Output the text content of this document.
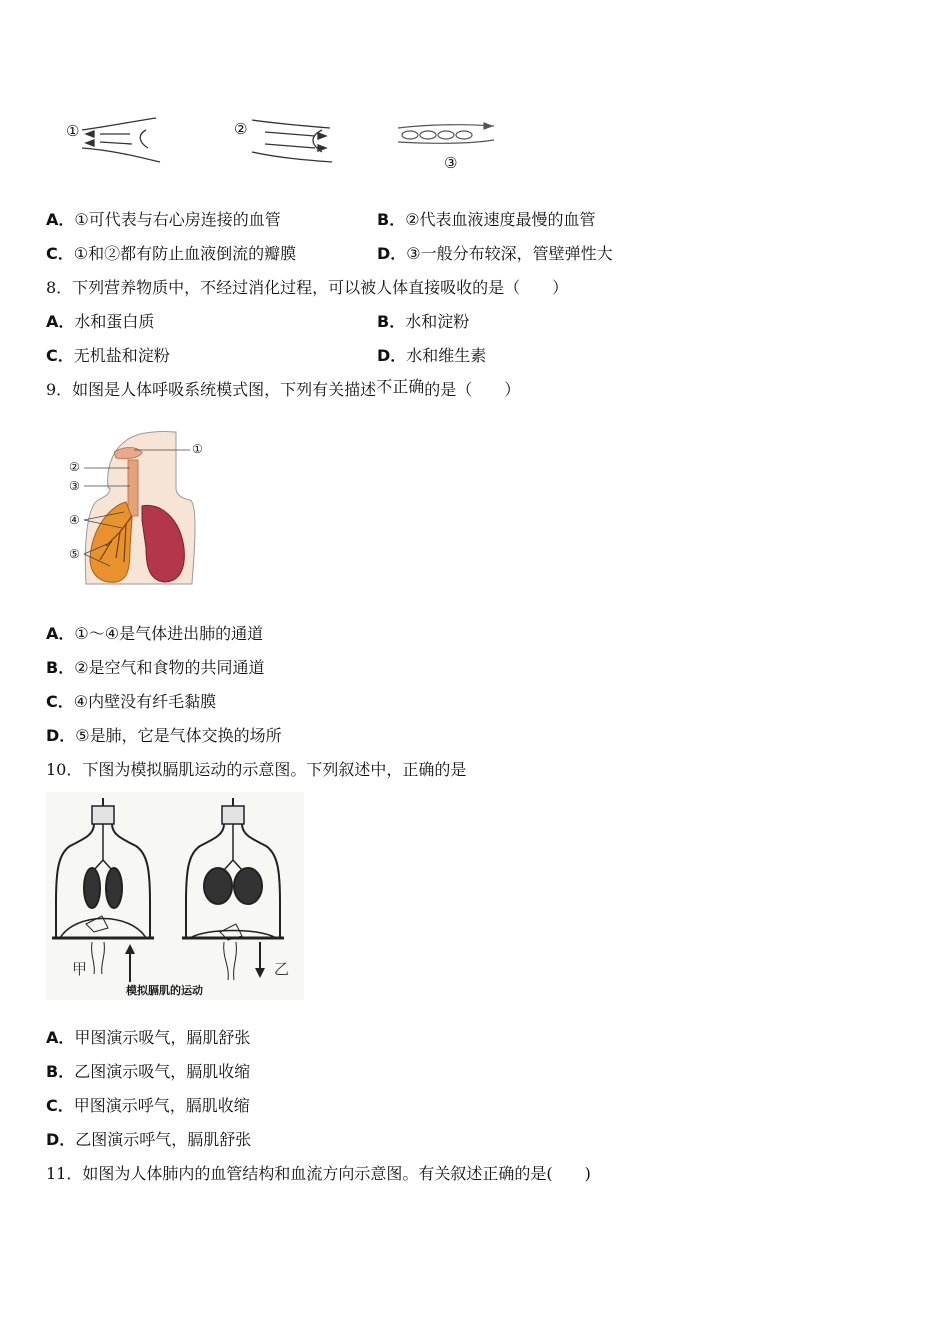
①	②
③
A．①可代表与右心房连接的血管	B．②代表血液速度最慢的血管
C．①和②都有防止血液倒流的瓣膜	D．③一般分布较深，管壁弹性大
8．下列营养物质中，不经过消化过程，可以被人体直接吸收的是（　　）
A．水和蛋白质	B．水和淀粉
C．无机盐和淀粉	D．水和维生素
9．如图是人体呼吸系统模式图，下列有关描述不正确的是（　　）
①
②
③
④
⑤
A．①～④是气体进出肺的通道
B．②是空气和食物的共同通道
C．④内壁没有纤毛黏膜
D．⑤是肺，它是气体交换的场所
10．下图为模拟膈肌运动的示意图。下列叙述中，正确的是
甲	乙
模拟膈肌的运动
A．甲图演示吸气，膈肌舒张
B．乙图演示吸气，膈肌收缩
C．甲图演示呼气，膈肌收缩
D．乙图演示呼气，膈肌舒张
11．如图为人体肺内的血管结构和血流方向示意图。有关叙述正确的是(　　)
